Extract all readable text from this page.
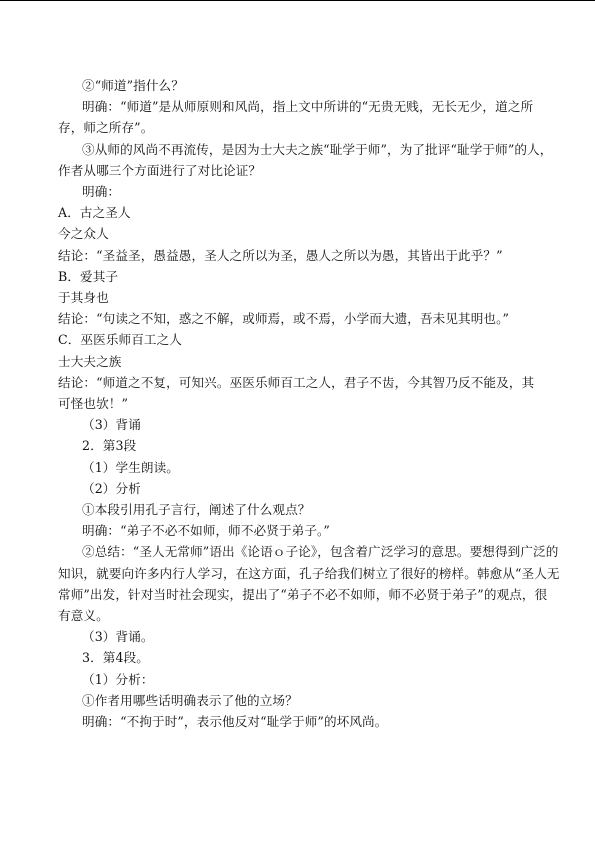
②“师道”指什么？

明确：“师道”是从师原则和风尚，指上文中所讲的“无贵无贱，无长无少，道之所

存，师之所存”。

③从师的风尚不再流传，是因为士大夫之族“耻学于师”，为了批评“耻学于师”的人，

作者从哪三个方面进行了对比论证？

明确：

A．古之圣人

今之众人

结论：“圣益圣，愚益愚，圣人之所以为圣，愚人之所以为愚，其皆出于此乎？”

B．爱其子

于其身也

结论：“句读之不知，惑之不解，或师焉，或不焉，小学而大遗，吾未见其明也。”

C．巫医乐师百工之人

士大夫之族

结论：“师道之不复，可知兴。巫医乐师百工之人，君子不齿，今其智乃反不能及，其

可怪也欤！”

（3）背诵

2．第3段

（1）学生朗读。

（2）分析

①本段引用孔子言行，阐述了什么观点？

明确：“弟子不必不如师，师不必贤于弟子。”

②总结：“圣人无常师”语出《论语ｏ子论》，包含着广泛学习的意思。要想得到广泛的

知识，就要向许多内行人学习，在这方面，孔子给我们树立了很好的榜样。韩愈从“圣人无

常师”出发，针对当时社会现实，提出了“弟子不必不如师，师不必贤于弟子”的观点，很

有意义。

（3）背诵。

3．第4段。

（1）分析：

①作者用哪些话明确表示了他的立场？

明确：“不拘于时”，表示他反对“耻学于师”的坏风尚。
